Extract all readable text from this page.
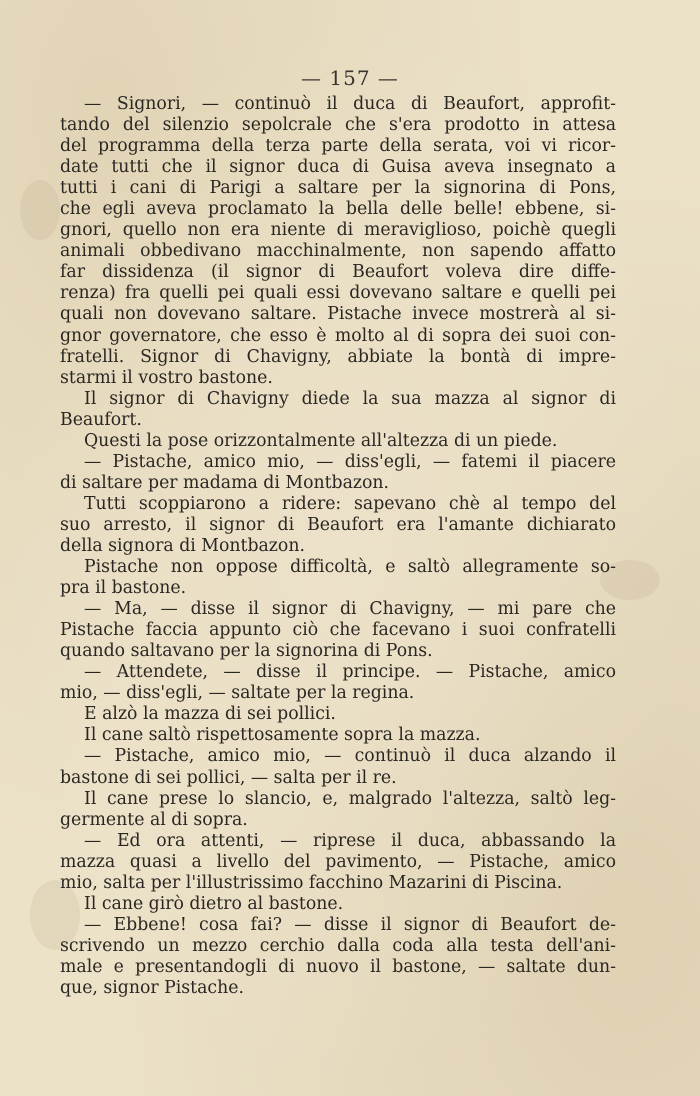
— 157 —
— Signori, — continuò il duca di Beaufort, approfit-
tando del silenzio sepolcrale che s'era prodotto in attesa
del programma della terza parte della serata, voi vi ricor-
date tutti che il signor duca di Guisa aveva insegnato a
tutti i cani di Parigi a saltare per la signorina di Pons,
che egli aveva proclamato la bella delle belle! ebbene, si-
gnori, quello non era niente di meraviglioso, poichè quegli
animali obbedivano macchinalmente, non sapendo affatto
far dissidenza (il signor di Beaufort voleva dire diffe-
renza) fra quelli pei quali essi dovevano saltare e quelli pei
quali non dovevano saltare. Pistache invece mostrerà al si-
gnor governatore, che esso è molto al di sopra dei suoi con-
fratelli. Signor di Chavigny, abbiate la bontà di impre-
starmi il vostro bastone.
Il signor di Chavigny diede la sua mazza al signor di
Beaufort.
Questi la pose orizzontalmente all'altezza di un piede.
— Pistache, amico mio, — diss'egli, — fatemi il piacere
di saltare per madama di Montbazon.
Tutti scoppiarono a ridere: sapevano chè al tempo del
suo arresto, il signor di Beaufort era l'amante dichiarato
della signora di Montbazon.
Pistache non oppose difficoltà, e saltò allegramente so-
pra il bastone.
— Ma, — disse il signor di Chavigny, — mi pare che
Pistache faccia appunto ciò che facevano i suoi confratelli
quando saltavano per la signorina di Pons.
— Attendete, — disse il principe. — Pistache, amico
mio, — diss'egli, — saltate per la regina.
E alzò la mazza di sei pollici.
Il cane saltò rispettosamente sopra la mazza.
— Pistache, amico mio, — continuò il duca alzando il
bastone di sei pollici, — salta per il re.
Il cane prese lo slancio, e, malgrado l'altezza, saltò leg-
germente al di sopra.
— Ed ora attenti, — riprese il duca, abbassando la
mazza quasi a livello del pavimento, — Pistache, amico
mio, salta per l'illustrissimo facchino Mazarini di Piscina.
Il cane girò dietro al bastone.
— Ebbene! cosa fai? — disse il signor di Beaufort de-
scrivendo un mezzo cerchio dalla coda alla testa dell'ani-
male e presentandogli di nuovo il bastone, — saltate dun-
que, signor Pistache.
